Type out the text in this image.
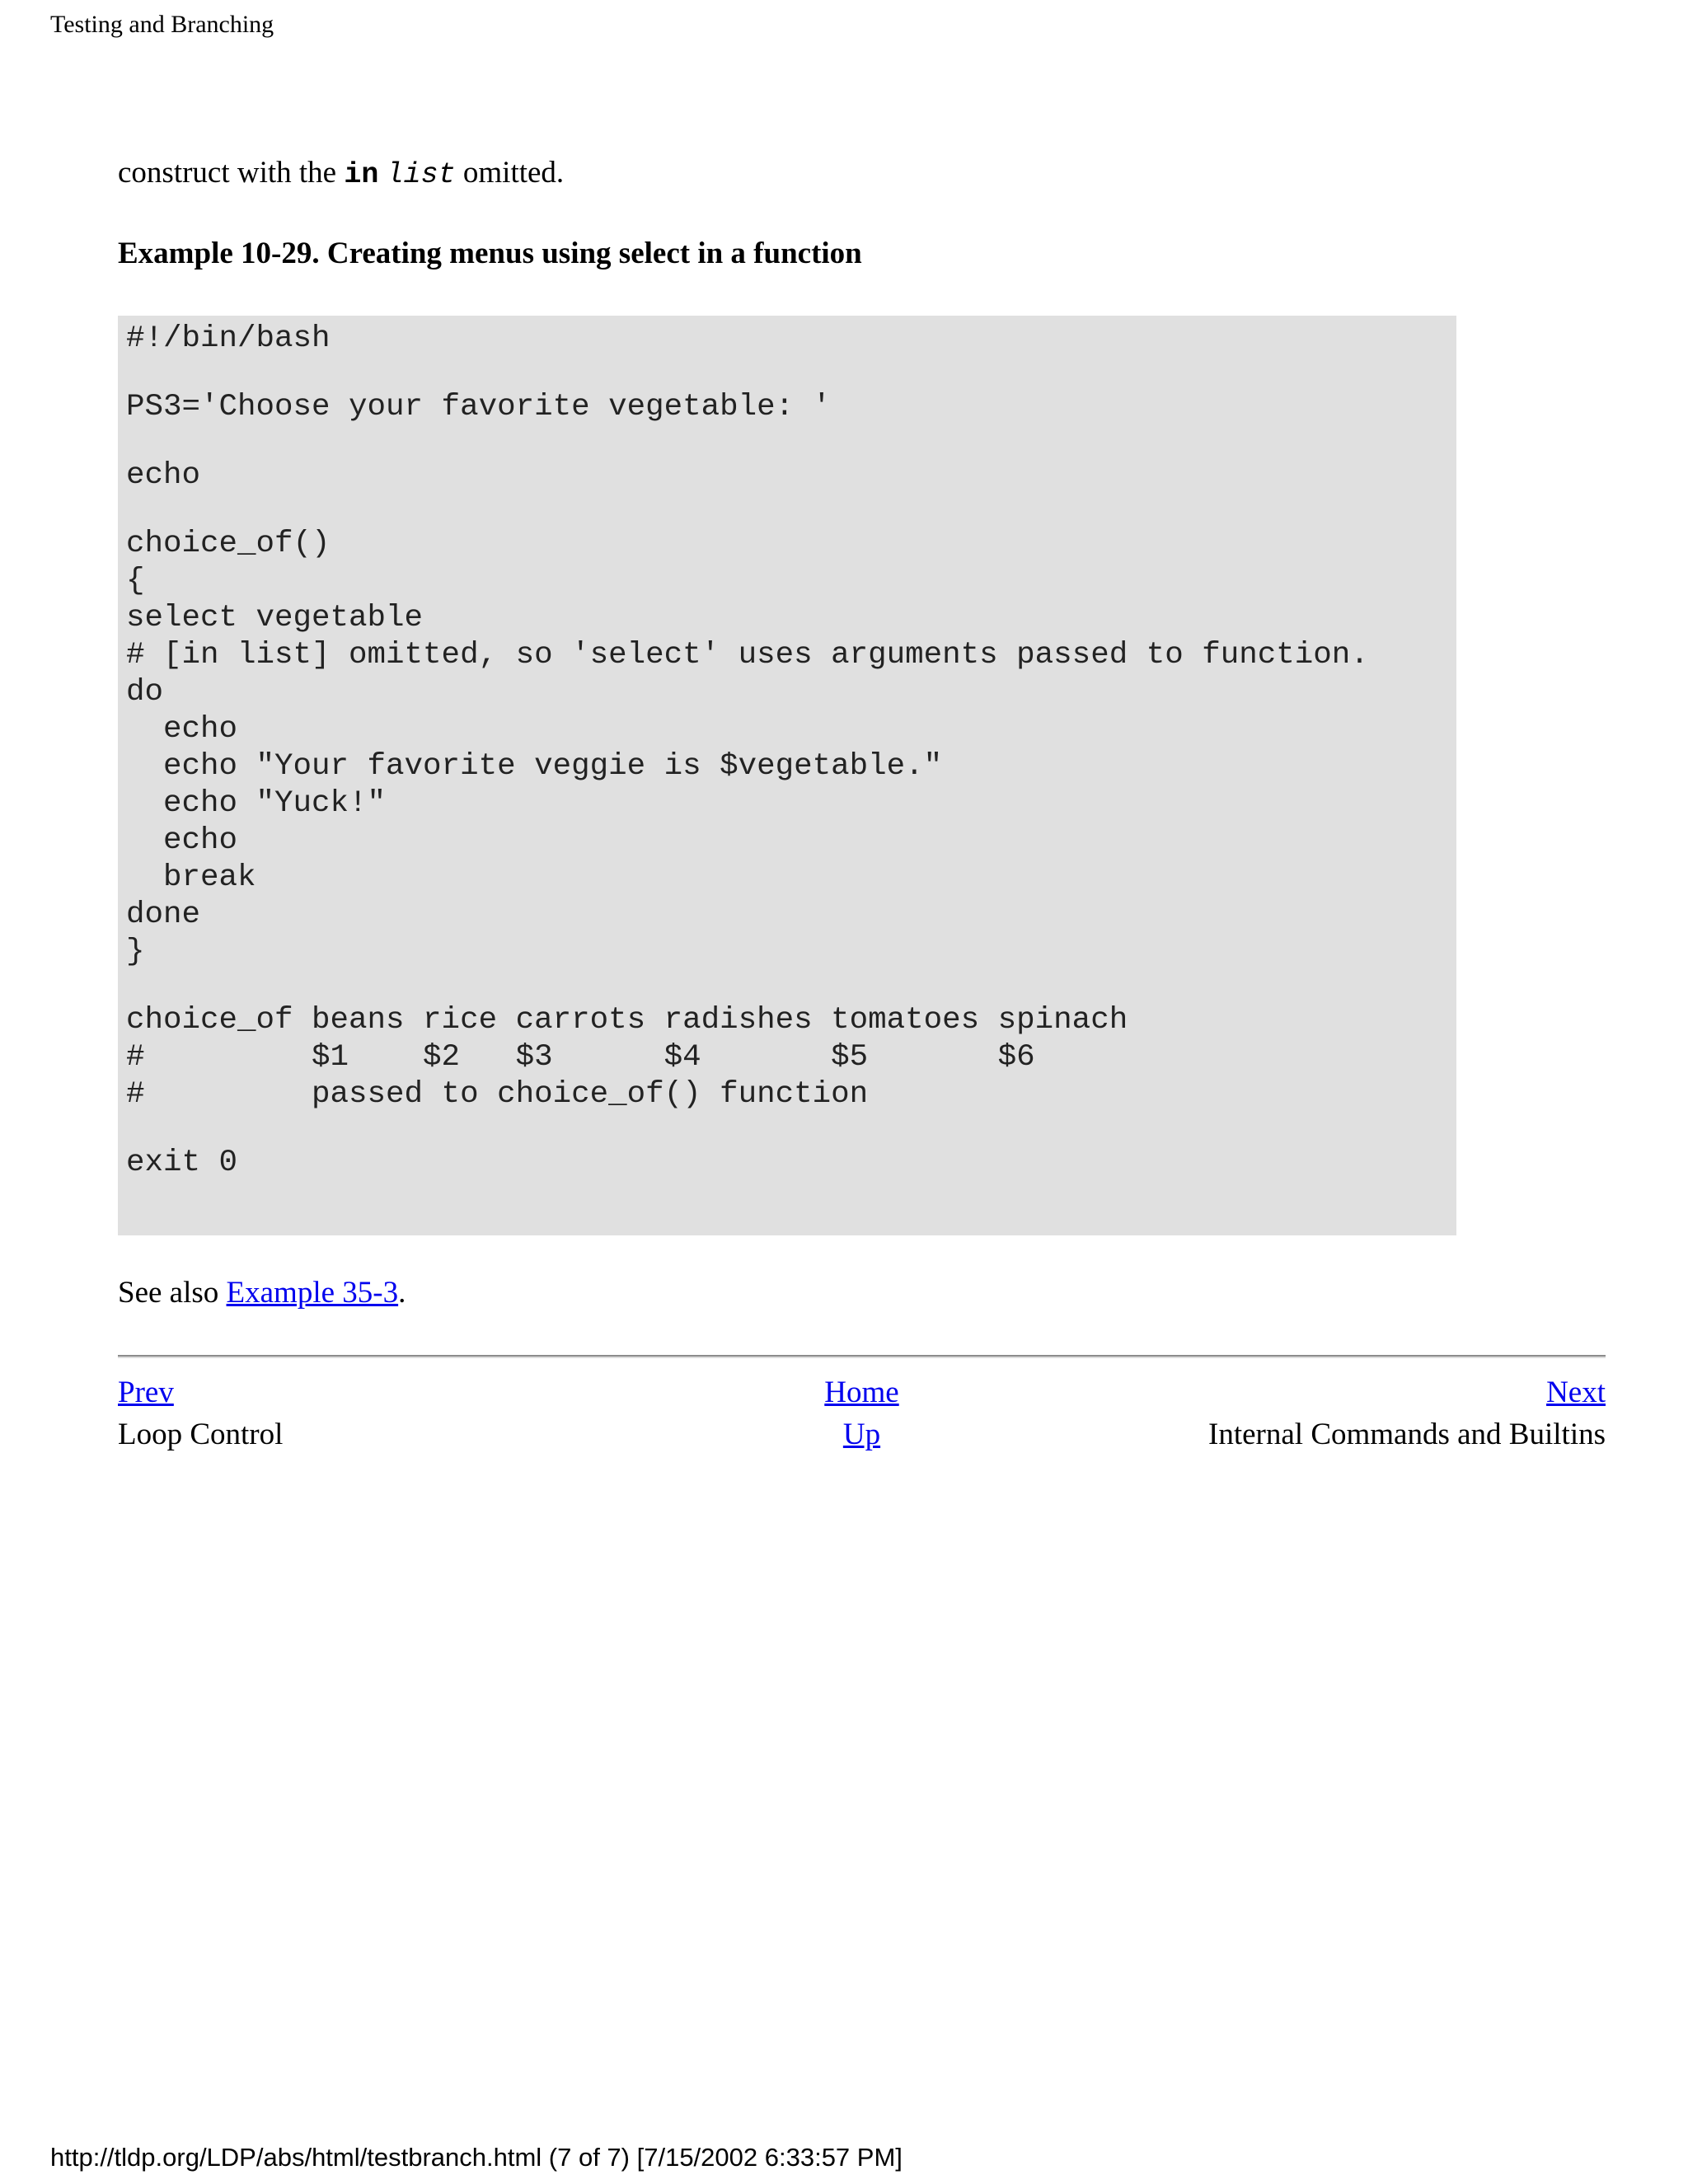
Testing and Branching

construct with the in list omitted.

Example 10-29. Creating menus using select in a function

#!/bin/bash
PS3='Choose your favorite vegetable: '
echo
choice_of()
{
select vegetable
# [in list] omitted, so 'select' uses arguments passed to function.
do
echo
echo "Your favorite veggie is $vegetable."
echo "Yuck!"
echo
break
done
}
choice_of beans rice carrots radishes tomatoes spinach
#         $1    $2   $3      $4       $5       $6
#         passed to choice_of() function
exit 0

See also Example 35-3.

Prev	Home	Next
Loop Control	Up	Internal Commands and Builtins
http://tldp.org/LDP/abs/html/testbranch.html (7 of 7) [7/15/2002 6:33:57 PM]
